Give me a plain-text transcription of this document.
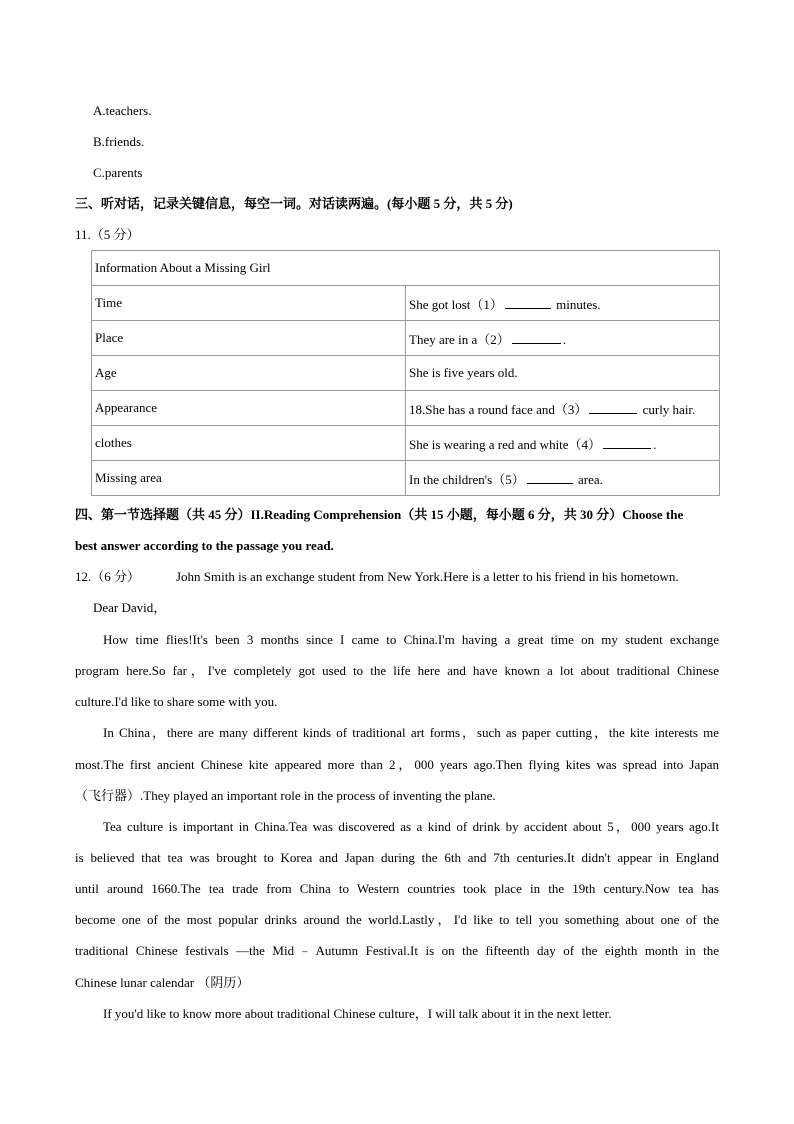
A.teachers.
B.friends.
C.parents
三、听对话，记录关键信息，每空一词。对话读两遍。(每小题 5 分，共 5 分)
11.（5 分）
Information About a Missing Girl	
Time	She got lost（1） minutes.
Place	They are in a（2） .
Age	She is five years old.
Appearance	18.She has a round face and（3） curly hair.
clothes	She is wearing a red and white（4） .
Missing area	In the children's（5） area.
四、第一节选择题（共 45 分）II.Reading Comprehension（共 15 小题，每小题 6 分，共 30 分）Choose the
best answer according to the passage you read.
12.（6 分）	John Smith is an exchange student from New York.Here is a letter to his friend in his hometown.
Dear David，
How time flies!It's been 3 months since I came to China.I'm having a great time on my student exchange
program here.So far，I've completely got used to the life here and have known a lot about traditional Chinese
culture.I'd like to share some with you.
In China，there are many different kinds of traditional art forms，such as paper cutting，the kite interests me
most.The first ancient Chinese kite appeared more than 2，000 years ago.Then flying kites was spread into Japan
（飞行器）.They played an important role in the process of inventing the plane.
Tea culture is important in China.Tea was discovered as a kind of drink by accident about 5，000 years ago.It
is believed that tea was brought to Korea and Japan during the 6th and 7th centuries.It didn't appear in England
until around 1660.The tea trade from China to Western countries took place in the 19th century.Now tea has
become one of the most popular drinks around the world.Lastly，I'd like to tell you something about one of the
traditional Chinese festivals —the Mid﹣Autumn Festival.It is on the fifteenth day of the eighth month in the
Chinese lunar calendar （阴历）
If you'd like to know more about traditional Chinese culture，I will talk about it in the next letter.
